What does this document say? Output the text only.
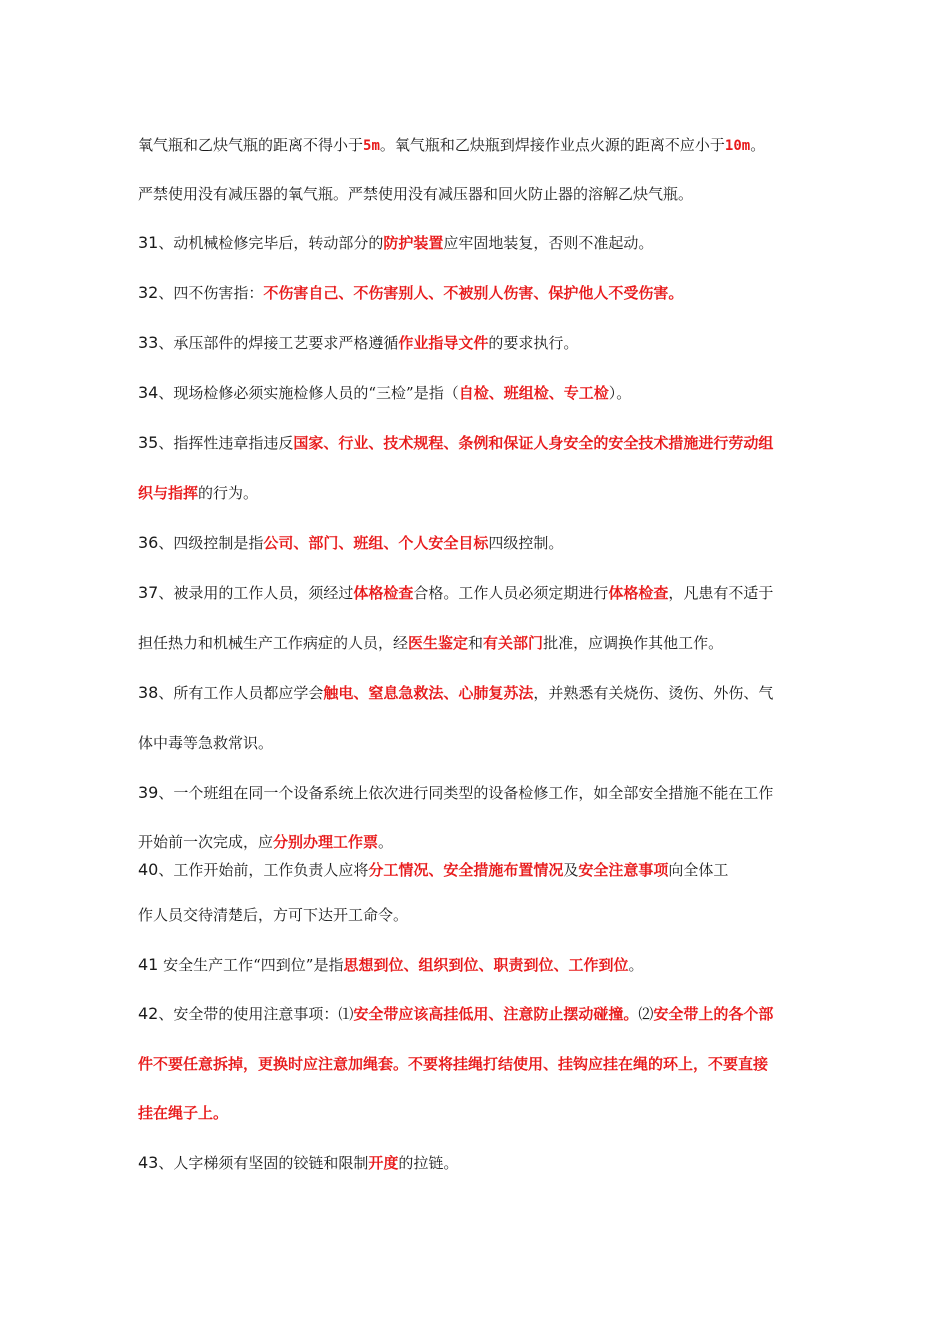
氧气瓶和乙炔气瓶的距离不得小于5m。氧气瓶和乙炔瓶到焊接作业点火源的距离不应小于10m。
严禁使用没有减压器的氧气瓶。严禁使用没有减压器和回火防止器的溶解乙炔气瓶。
31、动机械检修完毕后，转动部分的防护装置应牢固地装复，否则不准起动。
32、四不伤害指：不伤害自己、不伤害别人、不被别人伤害、保护他人不受伤害。
33、承压部件的焊接工艺要求严格遵循作业指导文件的要求执行。
34、现场检修必须实施检修人员的“三检”是指（自检、班组检、专工检）。
35、指挥性违章指违反国家、行业、技术规程、条例和保证人身安全的安全技术措施进行劳动组
织与指挥的行为。
36、四级控制是指公司、部门、班组、个人安全目标四级控制。
37、被录用的工作人员，须经过体格检查合格。工作人员必须定期进行体格检查，凡患有不适于
担任热力和机械生产工作病症的人员，经医生鉴定和有关部门批准，应调换作其他工作。
38、所有工作人员都应学会触电、窒息急救法、心肺复苏法，并熟悉有关烧伤、烫伤、外伤、气
体中毒等急救常识。
39、一个班组在同一个设备系统上依次进行同类型的设备检修工作，如全部安全措施不能在工作
开始前一次完成，应分别办理工作票。
40、工作开始前，工作负责人应将分工情况、安全措施布置情况及安全注意事项向全体工
作人员交待清楚后，方可下达开工命令。
41 安全生产工作“四到位”是指思想到位、组织到位、职责到位、工作到位。
42、安全带的使用注意事项：⑴安全带应该高挂低用、注意防止摆动碰撞。⑵安全带上的各个部
件不要任意拆掉，更换时应注意加绳套。不要将挂绳打结使用、挂钩应挂在绳的环上，不要直接
挂在绳子上。
43、人字梯须有坚固的铰链和限制开度的拉链。
